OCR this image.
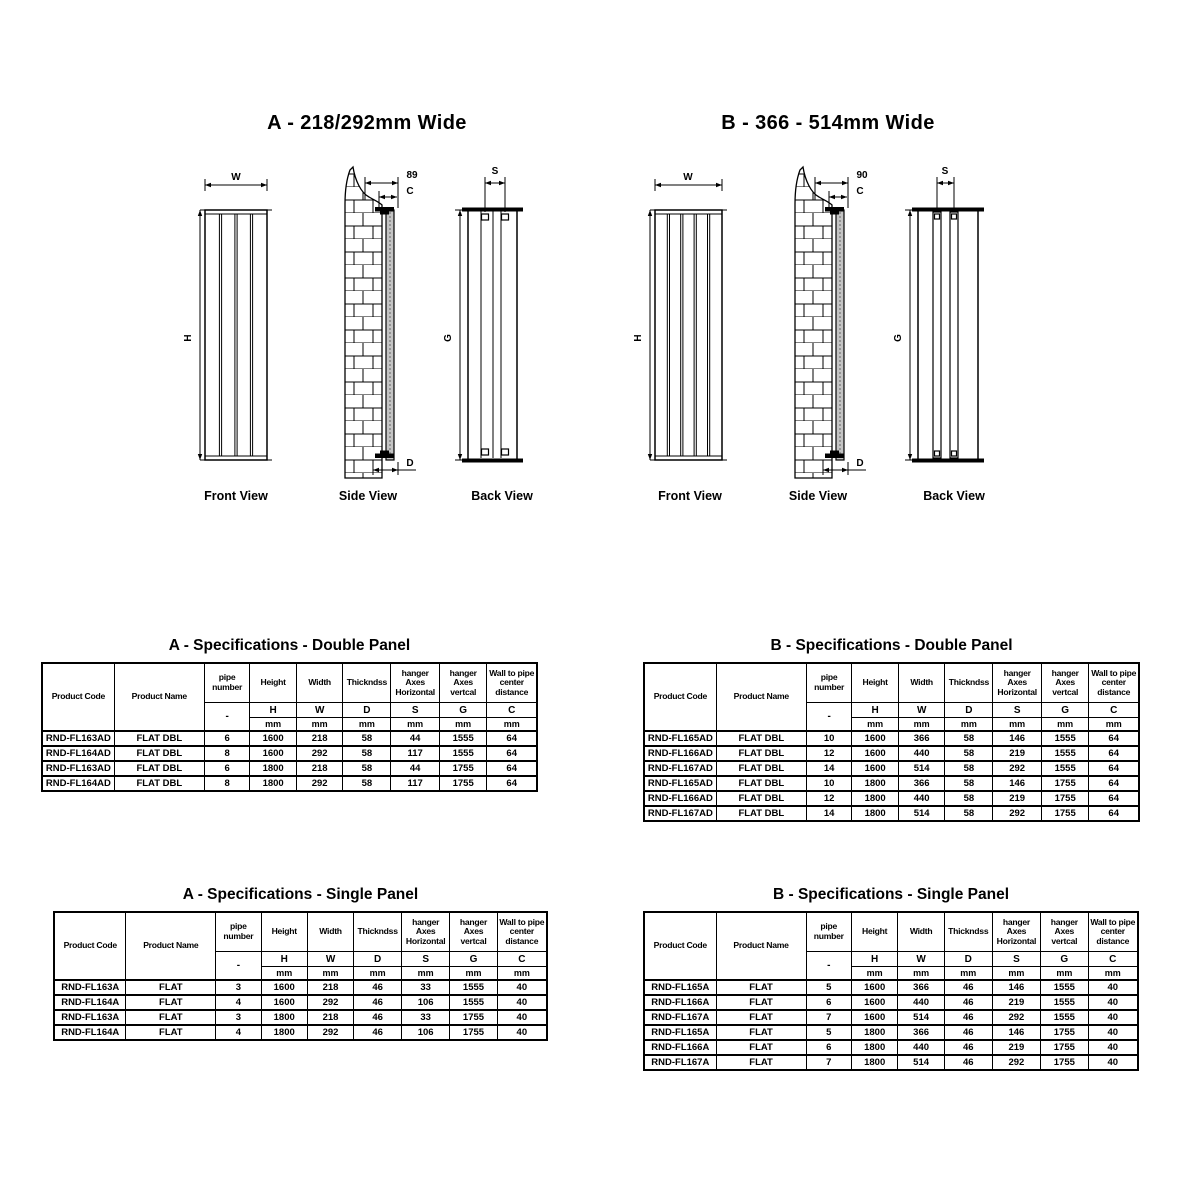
A - 218/292mm Wide	B - 366 - 514mm Wide
W
H
Front View
89
C
D
Side View
S
G
Back View
W
H
Front View
90
C
D
Side View
S
G
Back View
A - Specifications - Double Panel
Product Code	Product Name	pipe number	Height	Width	Thickndss	hanger Axes Horizontal	hanger Axes vertcal	Wall to pipe center distance
		-	H	W	D	S	G	C
			mm	mm	mm	mm	mm	mm
RND-FL163AD	FLAT DBL	6	1600	218	58	44	1555	64
RND-FL164AD	FLAT DBL	8	1600	292	58	117	1555	64
RND-FL163AD	FLAT DBL	6	1800	218	58	44	1755	64
RND-FL164AD	FLAT DBL	8	1800	292	58	117	1755	64
B - Specifications - Double Panel
Product Code	Product Name	pipe number	Height	Width	Thickndss	hanger Axes Horizontal	hanger Axes vertcal	Wall to pipe center distance
		-	H	W	D	S	G	C
			mm	mm	mm	mm	mm	mm
RND-FL165AD	FLAT DBL	10	1600	366	58	146	1555	64
RND-FL166AD	FLAT DBL	12	1600	440	58	219	1555	64
RND-FL167AD	FLAT DBL	14	1600	514	58	292	1555	64
RND-FL165AD	FLAT DBL	10	1800	366	58	146	1755	64
RND-FL166AD	FLAT DBL	12	1800	440	58	219	1755	64
RND-FL167AD	FLAT DBL	14	1800	514	58	292	1755	64
A - Specifications - Single Panel
Product Code	Product Name	pipe number	Height	Width	Thickndss	hanger Axes Horizontal	hanger Axes vertcal	Wall to pipe center distance
		-	H	W	D	S	G	C
			mm	mm	mm	mm	mm	mm
RND-FL163A	FLAT	3	1600	218	46	33	1555	40
RND-FL164A	FLAT	4	1600	292	46	106	1555	40
RND-FL163A	FLAT	3	1800	218	46	33	1755	40
RND-FL164A	FLAT	4	1800	292	46	106	1755	40
B - Specifications - Single Panel
Product Code	Product Name	pipe number	Height	Width	Thickndss	hanger Axes Horizontal	hanger Axes vertcal	Wall to pipe center distance
		-	H	W	D	S	G	C
			mm	mm	mm	mm	mm	mm
RND-FL165A	FLAT	5	1600	366	46	146	1555	40
RND-FL166A	FLAT	6	1600	440	46	219	1555	40
RND-FL167A	FLAT	7	1600	514	46	292	1555	40
RND-FL165A	FLAT	5	1800	366	46	146	1755	40
RND-FL166A	FLAT	6	1800	440	46	219	1755	40
RND-FL167A	FLAT	7	1800	514	46	292	1755	40
